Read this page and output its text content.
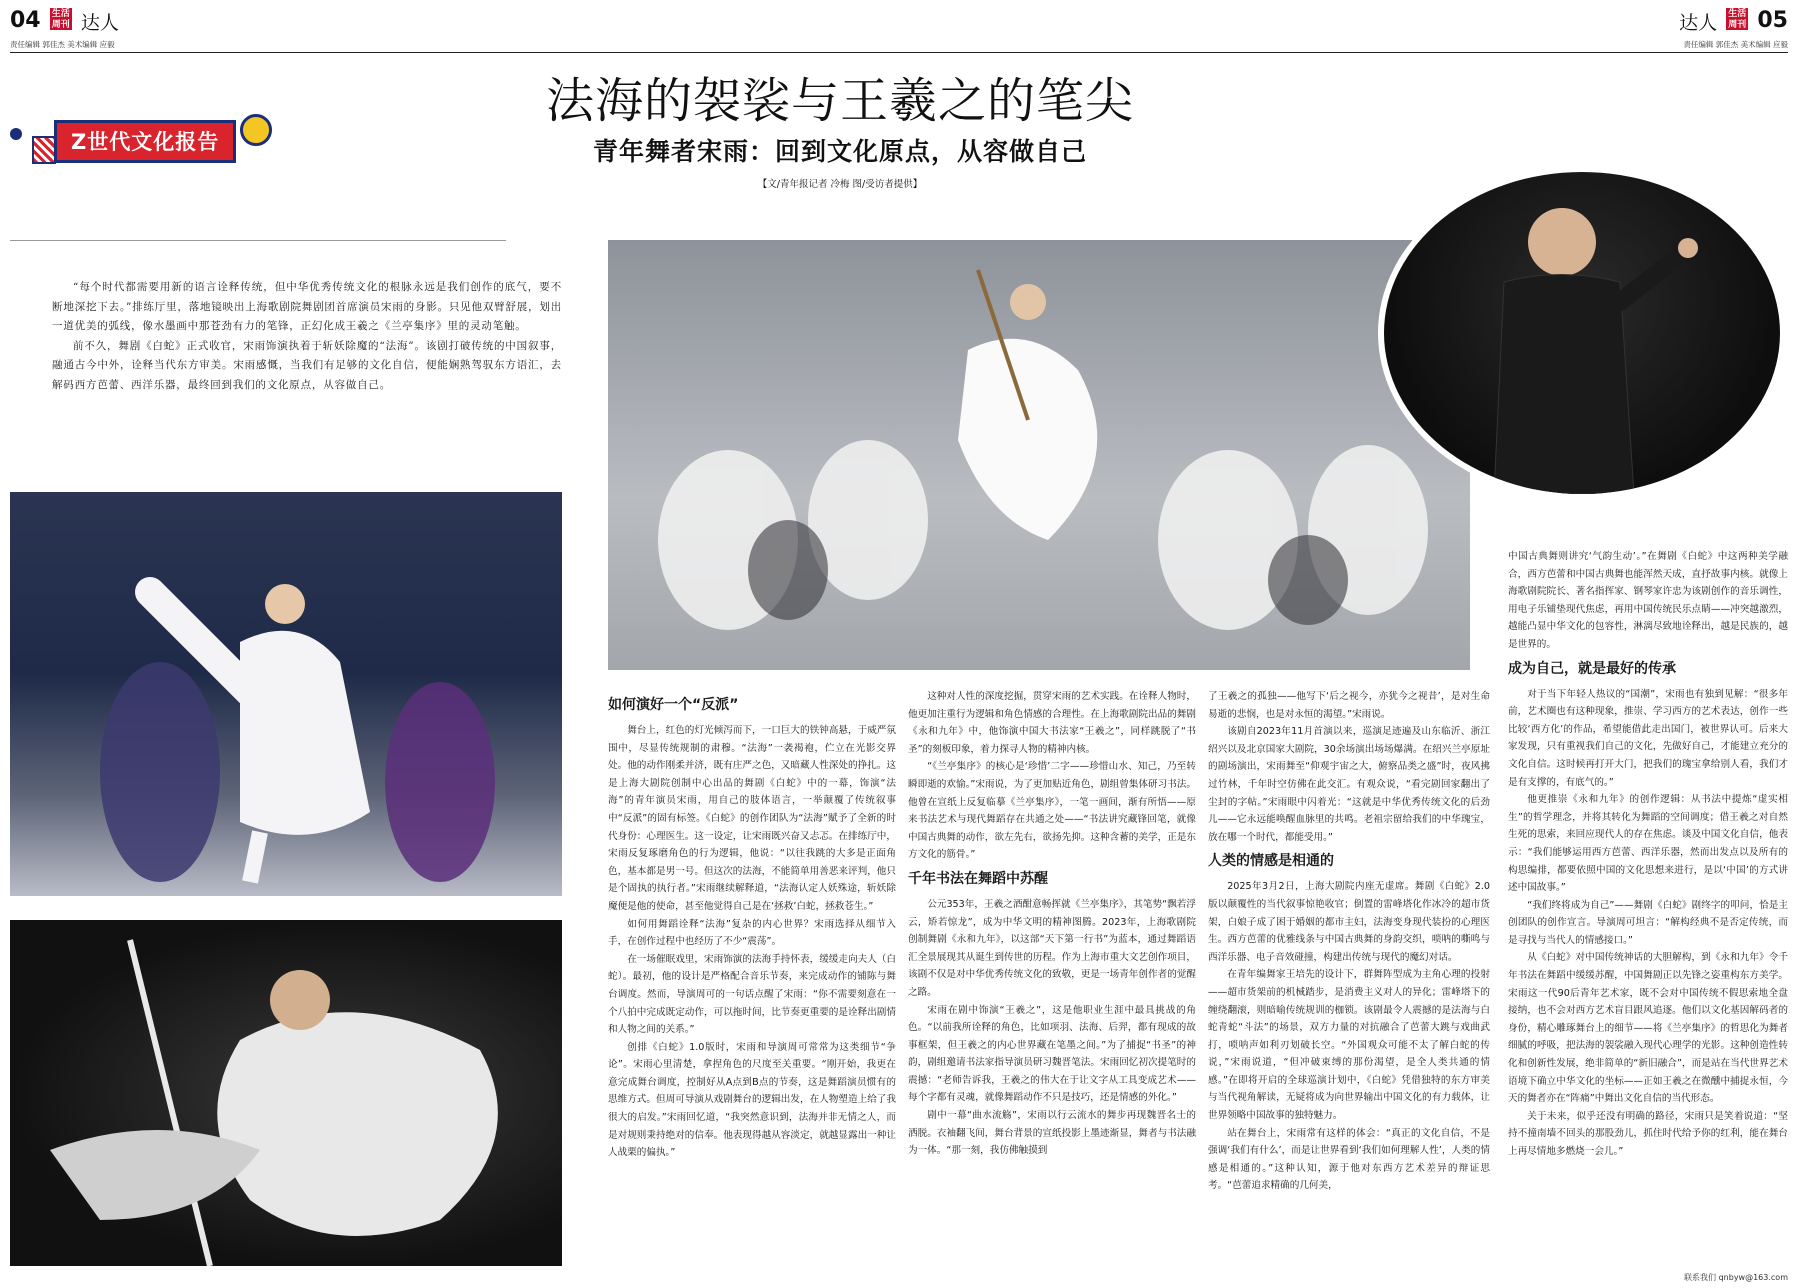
04 生活周刊 达人
责任编辑 郭佳杰 美术编辑 应毅
达人 生活周刊 05
责任编辑 郭佳杰 美术编辑 应毅
Z世代文化报告
法海的袈裟与王羲之的笔尖
青年舞者宋雨：回到文化原点，从容做自己
【文/青年报记者 冷梅 图/受访者提供】

“每个时代都需要用新的语言诠释传统，但中华优秀传统文化的根脉永远是我们创作的底气，要不断地深挖下去。”排练厅里，落地镜映出上海歌剧院舞剧团首席演员宋雨的身影。只见他双臂舒展，划出一道优美的弧线，像水墨画中那苍劲有力的笔锋，正幻化成王羲之《兰亭集序》里的灵动笔触。

前不久，舞剧《白蛇》正式收官，宋雨饰演执着于斩妖除魔的“法海”。该剧打破传统的中国叙事，融通古今中外，诠释当代东方审美。宋雨感慨，当我们有足够的文化自信，便能娴熟驾驭东方语汇，去解码西方芭蕾、西洋乐器，最终回到我们的文化原点，从容做自己。

如何演好一个“反派”

舞台上，红色的灯光倾泻而下，一口巨大的铁钟高悬，于威严氛围中，尽显传统规制的肃穆。“法海”一袭褐袍，伫立在光影交界处。他的动作刚柔并济，既有庄严之色，又暗藏人性深处的挣扎。这是上海大剧院创制中心出品的舞剧《白蛇》中的一幕，饰演“法海”的青年演员宋雨，用自己的肢体语言，一举颠覆了传统叙事中“反派”的固有标签。《白蛇》的创作团队为“法海”赋予了全新的时代身份：心理医生。这一设定，让宋雨既兴奋又忐忑。在排练厅中，宋雨反复琢磨角色的行为逻辑，他说：“以往我跳的大多是正面角色，基本都是男一号。但这次的法海，不能简单用善恶来评判，他只是个固执的执行者。”宋雨继续解释道，“法海认定人妖殊途，斩妖除魔便是他的使命，甚至他觉得自己是在‘拯救’白蛇，拯救苍生。”

如何用舞蹈诠释“法海”复杂的内心世界？宋雨选择从细节入手，在创作过程中也经历了不少“震荡”。

在一场催眠戏里，宋雨饰演的法海手持怀表，缓缓走向夫人（白蛇）。最初，他的设计是严格配合音乐节奏，来完成动作的铺陈与舞台调度。然而，导演周可的一句话点醒了宋雨：“你不需要刻意在一个八拍中完成既定动作，可以拖时间，比节奏更重要的是诠释出剧情和人物之间的关系。”

创排《白蛇》1.0版时，宋雨和导演周可常常为这类细节“争论”。宋雨心里清楚，拿捏角色的尺度至关重要。“刚开始，我更在意完成舞台调度，控制好从A点到B点的节奏，这是舞蹈演员惯有的思维方式。但周可导演从戏剧舞台的逻辑出发，在人物塑造上给了我很大的启发。”宋雨回忆道，“我突然意识到，法海并非无情之人，而是对规则秉持绝对的信奉。他表现得越从容淡定，就越显露出一种让人战栗的偏执。”

这种对人性的深度挖掘，贯穿宋雨的艺术实践。在诠释人物时，他更加注重行为逻辑和角色情感的合理性。在上海歌剧院出品的舞剧《永和九年》中，他饰演中国大书法家“王羲之”，同样跳脱了“书圣”的刻板印象，着力探寻人物的精神内核。

“《兰亭集序》的核心是‘珍惜’二字——珍惜山水、知己，乃至转瞬即逝的欢愉。”宋雨说，为了更加贴近角色，剧组曾集体研习书法。他曾在宣纸上反复临摹《兰亭集序》，一笔一画间，渐有所悟——原来书法艺术与现代舞蹈存在共通之处——“书法讲究藏锋回笔，就像中国古典舞的动作，欲左先右，欲扬先抑。这种含蓄的美学，正是东方文化的筋骨。”

千年书法在舞蹈中苏醒

公元353年，王羲之酒酣意畅挥就《兰亭集序》，其笔势“飘若浮云，矫若惊龙”，成为中华文明的精神图腾。2023年，上海歌剧院创制舞剧《永和九年》，以这部“天下第一行书”为蓝本，通过舞蹈语汇全景展现其从诞生到传世的历程。作为上海市重大文艺创作项目，该剧不仅是对中华优秀传统文化的致敬，更是一场青年创作者的觉醒之路。

宋雨在剧中饰演“王羲之”，这是他职业生涯中最具挑战的角色。“以前我所诠释的角色，比如项羽、法海、后羿，都有现成的故事框架，但王羲之的内心世界藏在笔墨之间。”为了捕捉“书圣”的神韵，剧组邀请书法家指导演员研习魏晋笔法。宋雨回忆初次提笔时的震撼：“老师告诉我，王羲之的伟大在于让文字从工具变成艺术——每个字都有灵魂，就像舞蹈动作不只是技巧，还是情感的外化。”

剧中一幕“曲水流觞”，宋雨以行云流水的舞步再现魏晋名士的洒脱。衣袖翻飞间，舞台背景的宣纸投影上墨迹渐显，舞者与书法融为一体。“那一刻，我仿佛触摸到

了王羲之的孤独——他写下‘后之视今，亦犹今之视昔’，是对生命易逝的悲悯，也是对永恒的渴望。”宋雨说。

该剧自2023年11月首演以来，巡演足迹遍及山东临沂、浙江绍兴以及北京国家大剧院，30余场演出场场爆满。在绍兴兰亭原址的剧场演出，宋雨舞至“仰观宇宙之大，俯察品类之盛”时，夜风拂过竹林，千年时空仿佛在此交汇。有观众说，“看完剧回家翻出了尘封的字帖。”宋雨眼中闪着光：“这就是中华优秀传统文化的后劲儿——它永远能唤醒血脉里的共鸣。老祖宗留给我们的中华瑰宝，放在哪一个时代，都能受用。”

人类的情感是相通的

2025年3月2日，上海大剧院内座无虚席。舞剧《白蛇》2.0版以颠覆性的当代叙事惊艳收官；倒置的雷峰塔化作冰冷的超市货架，白娘子成了困于婚姻的都市主妇，法海变身现代装扮的心理医生。西方芭蕾的优雅线条与中国古典舞的身韵交织，唢呐的嘶鸣与西洋乐器、电子音效碰撞，构建出传统与现代的魔幻对话。

在青年编舞家王培先的设计下，群舞阵型成为主角心理的投射——超市货架前的机械踏步，是消费主义对人的异化；雷峰塔下的缠绕翻滚，则暗喻传统规训的枷锁。该剧最令人震撼的是法海与白蛇青蛇“斗法”的场景，双方力量的对抗融合了芭蕾大跳与戏曲武打，唢呐声如利刃划破长空。“外国观众可能不太了解白蛇的传说，”宋雨说道，“但冲破束缚的那份渴望，是全人类共通的情感。”在即将开启的全球巡演计划中，《白蛇》凭借独特的东方审美与当代视角解读，无疑将成为向世界输出中国文化的有力载体，让世界领略中国故事的独特魅力。

站在舞台上，宋雨常有这样的体会：“真正的文化自信，不是强调‘我们有什么’，而是让世界看到‘我们如何理解人性’，人类的情感是相通的。”这种认知，源于他对东西方艺术差异的辩证思考。“芭蕾追求精确的几何美，

中国古典舞则讲究‘气韵生动’。”在舞剧《白蛇》中这两种美学融合，西方芭蕾和中国古典舞也能浑然天成，直抒故事内核。就像上海歌剧院院长、著名指挥家、钢琴家许忠为该剧创作的音乐调性，用电子乐铺垫现代焦虑，再用中国传统民乐点睛——冲突越激烈，越能凸显中华文化的包容性，淋漓尽致地诠释出，越是民族的，越是世界的。

成为自己，就是最好的传承

对于当下年轻人热议的“国潮”，宋雨也有独到见解：“很多年前，艺术圈也有这种现象，推崇、学习西方的艺术表达，创作一些比较‘西方化’的作品，希望能借此走出国门，被世界认可。后来大家发现，只有重视我们自己的文化，先做好自己，才能建立充分的文化自信。这时候再打开大门，把我们的瑰宝拿给别人看，我们才是有支撑的，有底气的。”

他更推崇《永和九年》的创作逻辑：从书法中提炼“虚实相生”的哲学理念，并将其转化为舞蹈的空间调度；借王羲之对自然生死的思索，来回应现代人的存在焦虑。谈及中国文化自信，他表示：“我们能够运用西方芭蕾、西洋乐器，然而出发点以及所有的构思编排，都要依照中国的文化思想来进行，是以‘中国’的方式讲述中国故事。”

“我们终将成为自己”——舞剧《白蛇》剧终字的叩问，恰是主创团队的创作宣言。导演周可坦言：“解构经典不是否定传统，而是寻找与当代人的情感接口。”

从《白蛇》对中国传统神话的大胆解构，到《永和九年》令千年书法在舞蹈中缓缓苏醒，中国舞剧正以先锋之姿重构东方美学。宋雨这一代90后青年艺术家，既不会对中国传统不假思索地全盘接纳，也不会对西方艺术盲目跟风追逐。他们以文化基因解码者的身份，精心雕琢舞台上的细节——将《兰亭集序》的哲思化为舞者细腻的呼吸，把法海的袈裟融入现代心理学的光影。这种创造性转化和创新性发展，绝非简单的“新旧融合”，而是站在当代世界艺术语境下确立中华文化的坐标——正如王羲之在微醺中捕捉永恒，今天的舞者亦在“阵痛”中舞出文化自信的当代形态。

关于未来，似乎还没有明确的路径，宋雨只是笑着说道：“坚持不撞南墙不回头的那股劲儿，抓住时代给予你的红利，能在舞台上再尽情地多燃烧一会儿。”

联系我们 qnbyw@163.com
